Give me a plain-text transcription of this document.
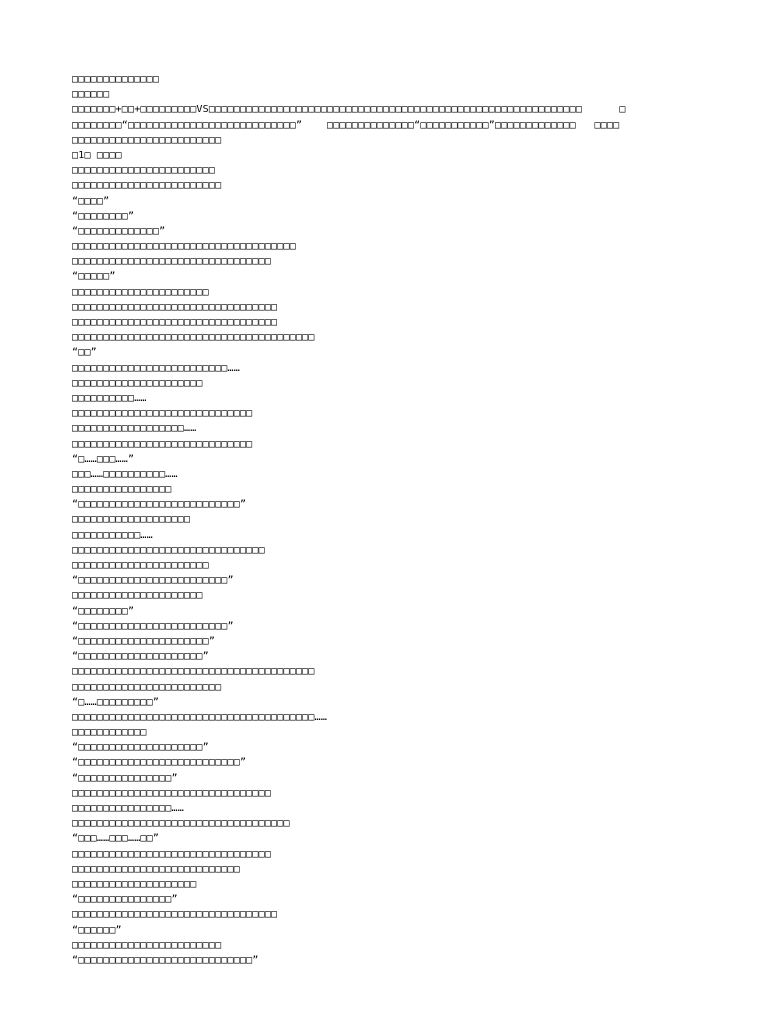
□□□□□□□□□□□□□□
□□□□□□
□□□□□□□+□□+□□□□□□□□□VS□□□□□□□□□□□□□□□□□□□□□□□□□□□□□□□□□□□□□□□□□□□□□□□□□□□□□□□□□□□□      □
□□□□□□□□“□□□□□□□□□□□□□□□□□□□□□□□□□□□”    □□□□□□□□□□□□□□“□□□□□□□□□□□”□□□□□□□□□□□□□   □□□□
□□□□□□□□□□□□□□□□□□□□□□□□
□1□ □□□□
□□□□□□□□□□□□□□□□□□□□□□□
□□□□□□□□□□□□□□□□□□□□□□□□
“□□□□”
“□□□□□□□□”
“□□□□□□□□□□□□□”
□□□□□□□□□□□□□□□□□□□□□□□□□□□□□□□□□□□□
□□□□□□□□□□□□□□□□□□□□□□□□□□□□□□□□
“□□□□□”
□□□□□□□□□□□□□□□□□□□□□□
□□□□□□□□□□□□□□□□□□□□□□□□□□□□□□□□□
□□□□□□□□□□□□□□□□□□□□□□□□□□□□□□□□□
□□□□□□□□□□□□□□□□□□□□□□□□□□□□□□□□□□□□□□□
“□□”
□□□□□□□□□□□□□□□□□□□□□□□□□……
□□□□□□□□□□□□□□□□□□□□□
□□□□□□□□□□……
□□□□□□□□□□□□□□□□□□□□□□□□□□□□□
□□□□□□□□□□□□□□□□□□……
□□□□□□□□□□□□□□□□□□□□□□□□□□□□□
“□……□□□……”
□□□……□□□□□□□□□□……
□□□□□□□□□□□□□□□□
“□□□□□□□□□□□□□□□□□□□□□□□□□□”
□□□□□□□□□□□□□□□□□□□
□□□□□□□□□□□……
□□□□□□□□□□□□□□□□□□□□□□□□□□□□□□□
□□□□□□□□□□□□□□□□□□□□□□
“□□□□□□□□□□□□□□□□□□□□□□□□”
□□□□□□□□□□□□□□□□□□□□□
“□□□□□□□□”
“□□□□□□□□□□□□□□□□□□□□□□□□”
“□□□□□□□□□□□□□□□□□□□□□”
“□□□□□□□□□□□□□□□□□□□□”
□□□□□□□□□□□□□□□□□□□□□□□□□□□□□□□□□□□□□□□
□□□□□□□□□□□□□□□□□□□□□□□□
“□……□□□□□□□□□”
□□□□□□□□□□□□□□□□□□□□□□□□□□□□□□□□□□□□□□□……
□□□□□□□□□□□□
“□□□□□□□□□□□□□□□□□□□□”
“□□□□□□□□□□□□□□□□□□□□□□□□□□”
“□□□□□□□□□□□□□□□”
□□□□□□□□□□□□□□□□□□□□□□□□□□□□□□□□
□□□□□□□□□□□□□□□□……
□□□□□□□□□□□□□□□□□□□□□□□□□□□□□□□□□□□
“□□□……□□□……□□”
□□□□□□□□□□□□□□□□□□□□□□□□□□□□□□□□
□□□□□□□□□□□□□□□□□□□□□□□□□□□
□□□□□□□□□□□□□□□□□□□□
“□□□□□□□□□□□□□□□”
□□□□□□□□□□□□□□□□□□□□□□□□□□□□□□□□□
“□□□□□□”
□□□□□□□□□□□□□□□□□□□□□□□□
“□□□□□□□□□□□□□□□□□□□□□□□□□□□□”
